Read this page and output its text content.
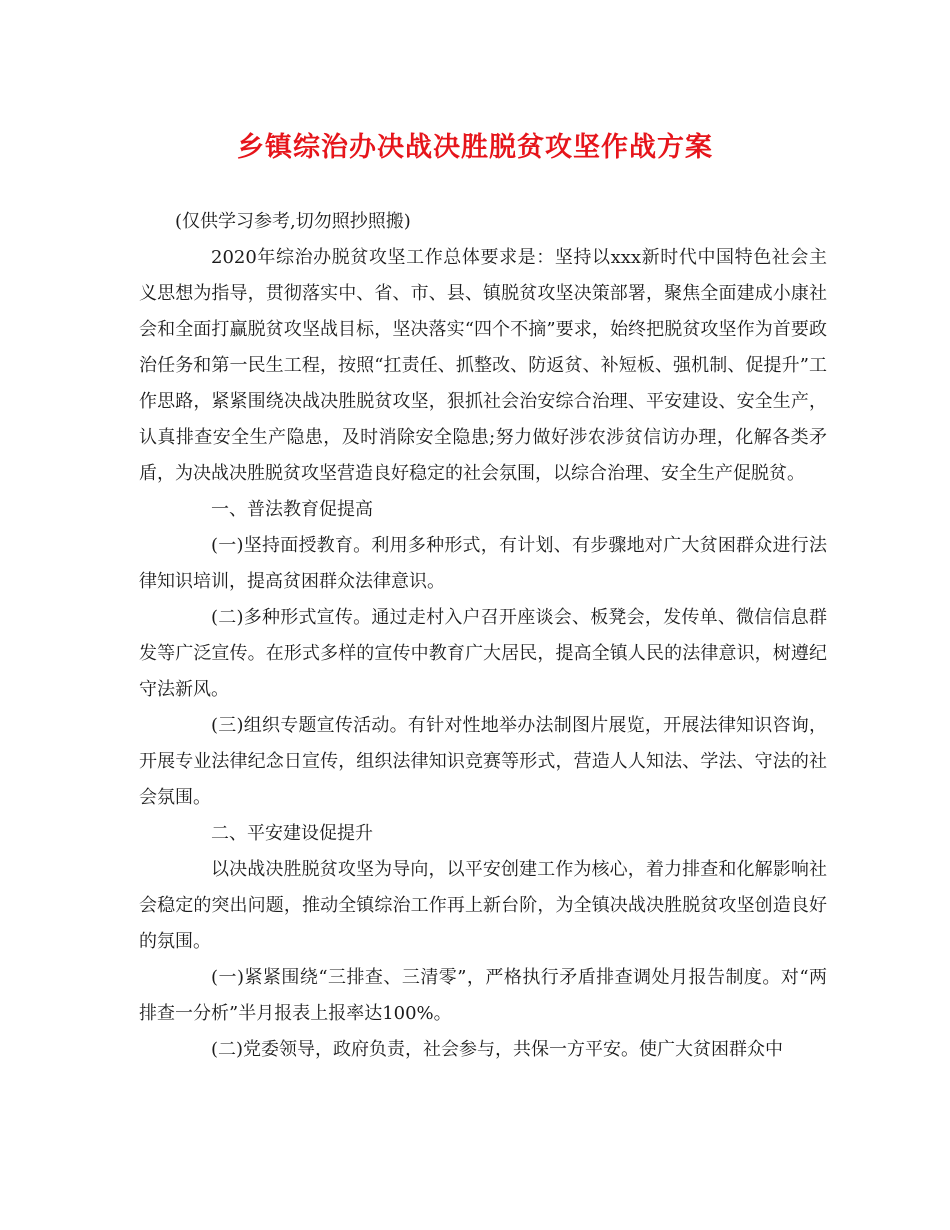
乡镇综治办决战决胜脱贫攻坚作战方案

(仅供学习参考,切勿照抄照搬)

2020年综治办脱贫攻坚工作总体要求是：坚持以xxx新时代中国特色社会主义思想为指导，贯彻落实中、省、市、县、镇脱贫攻坚决策部署，聚焦全面建成小康社会和全面打赢脱贫攻坚战目标，坚决落实“四个不摘”要求，始终把脱贫攻坚作为首要政治任务和第一民生工程，按照“扛责任、抓整改、防返贫、补短板、强机制、促提升”工作思路，紧紧围绕决战决胜脱贫攻坚，狠抓社会治安综合治理、平安建设、安全生产，认真排查安全生产隐患，及时消除安全隐患;努力做好涉农涉贫信访办理，化解各类矛盾，为决战决胜脱贫攻坚营造良好稳定的社会氛围，以综合治理、安全生产促脱贫。

一、普法教育促提高

(一)坚持面授教育。利用多种形式，有计划、有步骤地对广大贫困群众进行法律知识培训，提高贫困群众法律意识。

(二)多种形式宣传。通过走村入户召开座谈会、板凳会，发传单、微信信息群发等广泛宣传。在形式多样的宣传中教育广大居民，提高全镇人民的法律意识，树遵纪守法新风。

(三)组织专题宣传活动。有针对性地举办法制图片展览，开展法律知识咨询，开展专业法律纪念日宣传，组织法律知识竞赛等形式，营造人人知法、学法、守法的社会氛围。

二、平安建设促提升

以决战决胜脱贫攻坚为导向，以平安创建工作为核心，着力排查和化解影响社会稳定的突出问题，推动全镇综治工作再上新台阶，为全镇决战决胜脱贫攻坚创造良好的氛围。

(一)紧紧围绕“三排查、三清零”，严格执行矛盾排查调处月报告制度。对“两排查一分析”半月报表上报率达100%。

(二)党委领导，政府负责，社会参与，共保一方平安。使广大贫困群众中
